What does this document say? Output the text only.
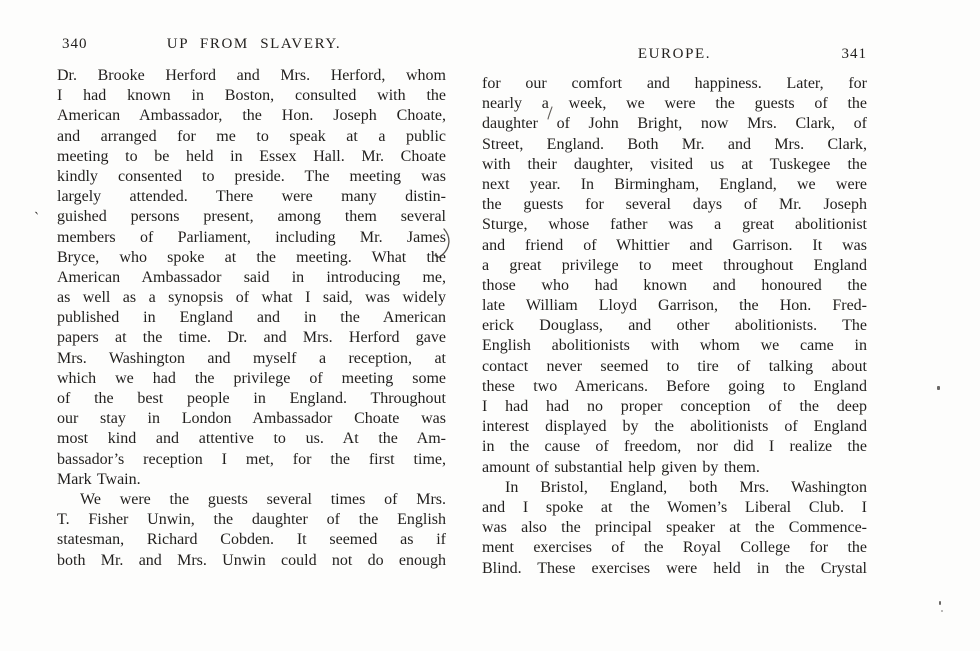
340	UP FROM SLAVERY.
Dr. Brooke Herford and Mrs. Herford, whom
I had known in Boston, consulted with the
American Ambassador, the Hon. Joseph Choate,
and arranged for me to speak at a public
meeting to be held in Essex Hall. Mr. Choate
kindly consented to preside. The meeting was
largely attended. There were many distin-
guished persons present, among them several
members of Parliament, including Mr. James
Bryce, who spoke at the meeting. What the
American Ambassador said in introducing me,
as well as a synopsis of what I said, was widely
published in England and in the American
papers at the time. Dr. and Mrs. Herford gave
Mrs. Washington and myself a reception, at
which we had the privilege of meeting some
of the best people in England. Throughout
our stay in London Ambassador Choate was
most kind and attentive to us. At the Am-
bassador’s reception I met, for the first time,
Mark Twain.
We were the guests several times of Mrs.
T. Fisher Unwin, the daughter of the English
statesman, Richard Cobden. It seemed as if
both Mr. and Mrs. Unwin could not do enough
EUROPE.	341
for our comfort and happiness. Later, for
nearly a week, we were the guests of the
daughter of John Bright, now Mrs. Clark, of
Street, England. Both Mr. and Mrs. Clark,
with their daughter, visited us at Tuskegee the
next year. In Birmingham, England, we were
the guests for several days of Mr. Joseph
Sturge, whose father was a great abolitionist
and friend of Whittier and Garrison. It was
a great privilege to meet throughout England
those who had known and honoured the
late William Lloyd Garrison, the Hon. Fred-
erick Douglass, and other abolitionists. The
English abolitionists with whom we came in
contact never seemed to tire of talking about
these two Americans. Before going to England
I had had no proper conception of the deep
interest displayed by the abolitionists of England
in the cause of freedom, nor did I realize the
amount of substantial help given by them.
In Bristol, England, both Mrs. Washington
and I spoke at the Women’s Liberal Club. I
was also the principal speaker at the Commence-
ment exercises of the Royal College for the
Blind. These exercises were held in the Crystal
`
